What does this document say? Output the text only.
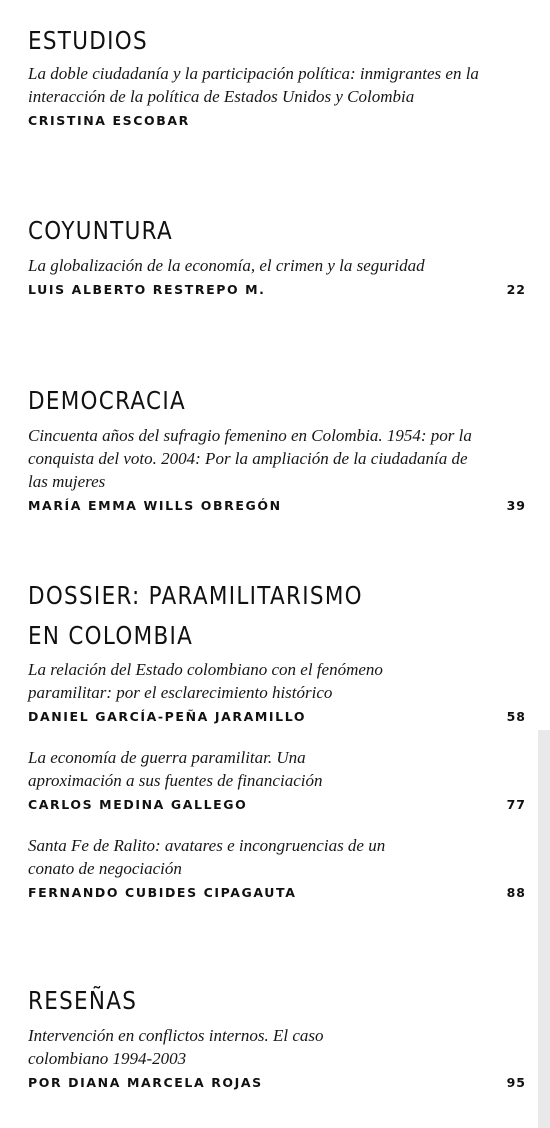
ESTUDIOS
La doble ciudadanía y la participación política: inmigrantes en la interacción de la política de Estados Unidos y Colombia
CRISTINA ESCOBAR
COYUNTURA
La globalización de la economía, el crimen y la seguridad
LUIS ALBERTO RESTREPO M.	22
DEMOCRACIA
Cincuenta años del sufragio femenino en Colombia. 1954: por la conquista del voto. 2004: Por la ampliación de la ciudadanía de las mujeres
MARÍA EMMA WILLS OBREGÓN	39
DOSSIER: PARAMILITARISMO EN COLOMBIA
La relación del Estado colombiano con el fenómeno paramilitar: por el esclarecimiento histórico
DANIEL GARCÍA-PEÑA JARAMILLO	58
La economía de guerra paramilitar. Una aproximación a sus fuentes de financiación
CARLOS MEDINA GALLEGO	77
Santa Fe de Ralito: avatares e incongruencias de un conato de negociación
FERNANDO CUBIDES CIPAGAUTA	88
RESEÑAS
Intervención en conflictos internos. El caso colombiano 1994-2003
POR DIANA MARCELA ROJAS	95
